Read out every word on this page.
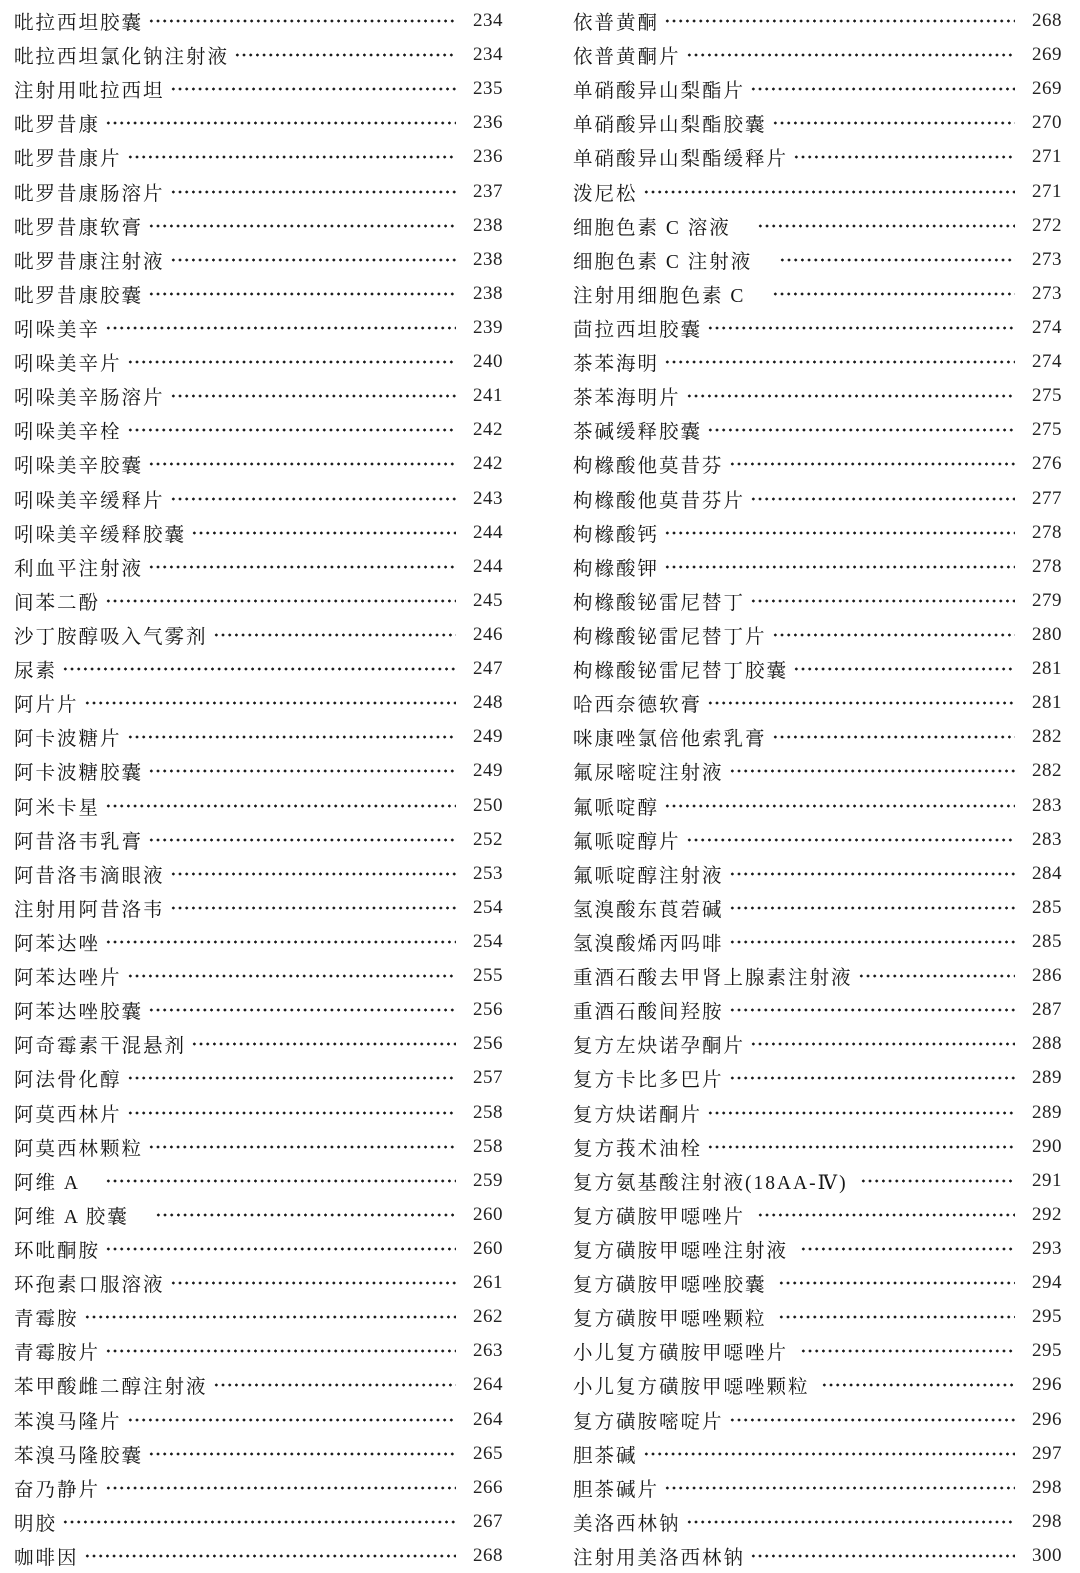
吡拉西坦胶囊	234
吡拉西坦氯化钠注射液	234
注射用吡拉西坦	235
吡罗昔康	236
吡罗昔康片	236
吡罗昔康肠溶片	237
吡罗昔康软膏	238
吡罗昔康注射液	238
吡罗昔康胶囊	238
吲哚美辛	239
吲哚美辛片	240
吲哚美辛肠溶片	241
吲哚美辛栓	242
吲哚美辛胶囊	242
吲哚美辛缓释片	243
吲哚美辛缓释胶囊	244
利血平注射液	244
间苯二酚	245
沙丁胺醇吸入气雾剂	246
尿素	247
阿片片	248
阿卡波糖片	249
阿卡波糖胶囊	249
阿米卡星	250
阿昔洛韦乳膏	252
阿昔洛韦滴眼液	253
注射用阿昔洛韦	254
阿苯达唑	254
阿苯达唑片	255
阿苯达唑胶囊	256
阿奇霉素干混悬剂	256
阿法骨化醇	257
阿莫西林片	258
阿莫西林颗粒	258
阿维 A　	259
阿维 A 胶囊　	260
环吡酮胺	260
环孢素口服溶液	261
青霉胺	262
青霉胺片	263
苯甲酸雌二醇注射液	264
苯溴马隆片	264
苯溴马隆胶囊	265
奋乃静片	266
明胶	267
咖啡因	268
依普黄酮	268
依普黄酮片	269
单硝酸异山梨酯片	269
单硝酸异山梨酯胶囊	270
单硝酸异山梨酯缓释片	271
泼尼松	271
细胞色素 C 溶液　	272
细胞色素 C 注射液　	273
注射用细胞色素 C　	273
茴拉西坦胶囊	274
茶苯海明	274
茶苯海明片	275
茶碱缓释胶囊	275
枸橼酸他莫昔芬	276
枸橼酸他莫昔芬片	277
枸橼酸钙	278
枸橼酸钾	278
枸橼酸铋雷尼替丁	279
枸橼酸铋雷尼替丁片	280
枸橼酸铋雷尼替丁胶囊	281
哈西奈德软膏	281
咪康唑氯倍他索乳膏	282
氟尿嘧啶注射液	282
氟哌啶醇	283
氟哌啶醇片	283
氟哌啶醇注射液	284
氢溴酸东莨菪碱	285
氢溴酸烯丙吗啡	285
重酒石酸去甲肾上腺素注射液	286
重酒石酸间羟胺	287
复方左炔诺孕酮片	288
复方卡比多巴片	289
复方炔诺酮片	289
复方莪术油栓	290
复方氨基酸注射液(18AA-Ⅳ)	291
复方磺胺甲噁唑片	292
复方磺胺甲噁唑注射液	293
复方磺胺甲噁唑胶囊	294
复方磺胺甲噁唑颗粒	295
小儿复方磺胺甲噁唑片	295
小儿复方磺胺甲噁唑颗粒	296
复方磺胺嘧啶片	296
胆茶碱	297
胆茶碱片	298
美洛西林钠	298
注射用美洛西林钠	300
